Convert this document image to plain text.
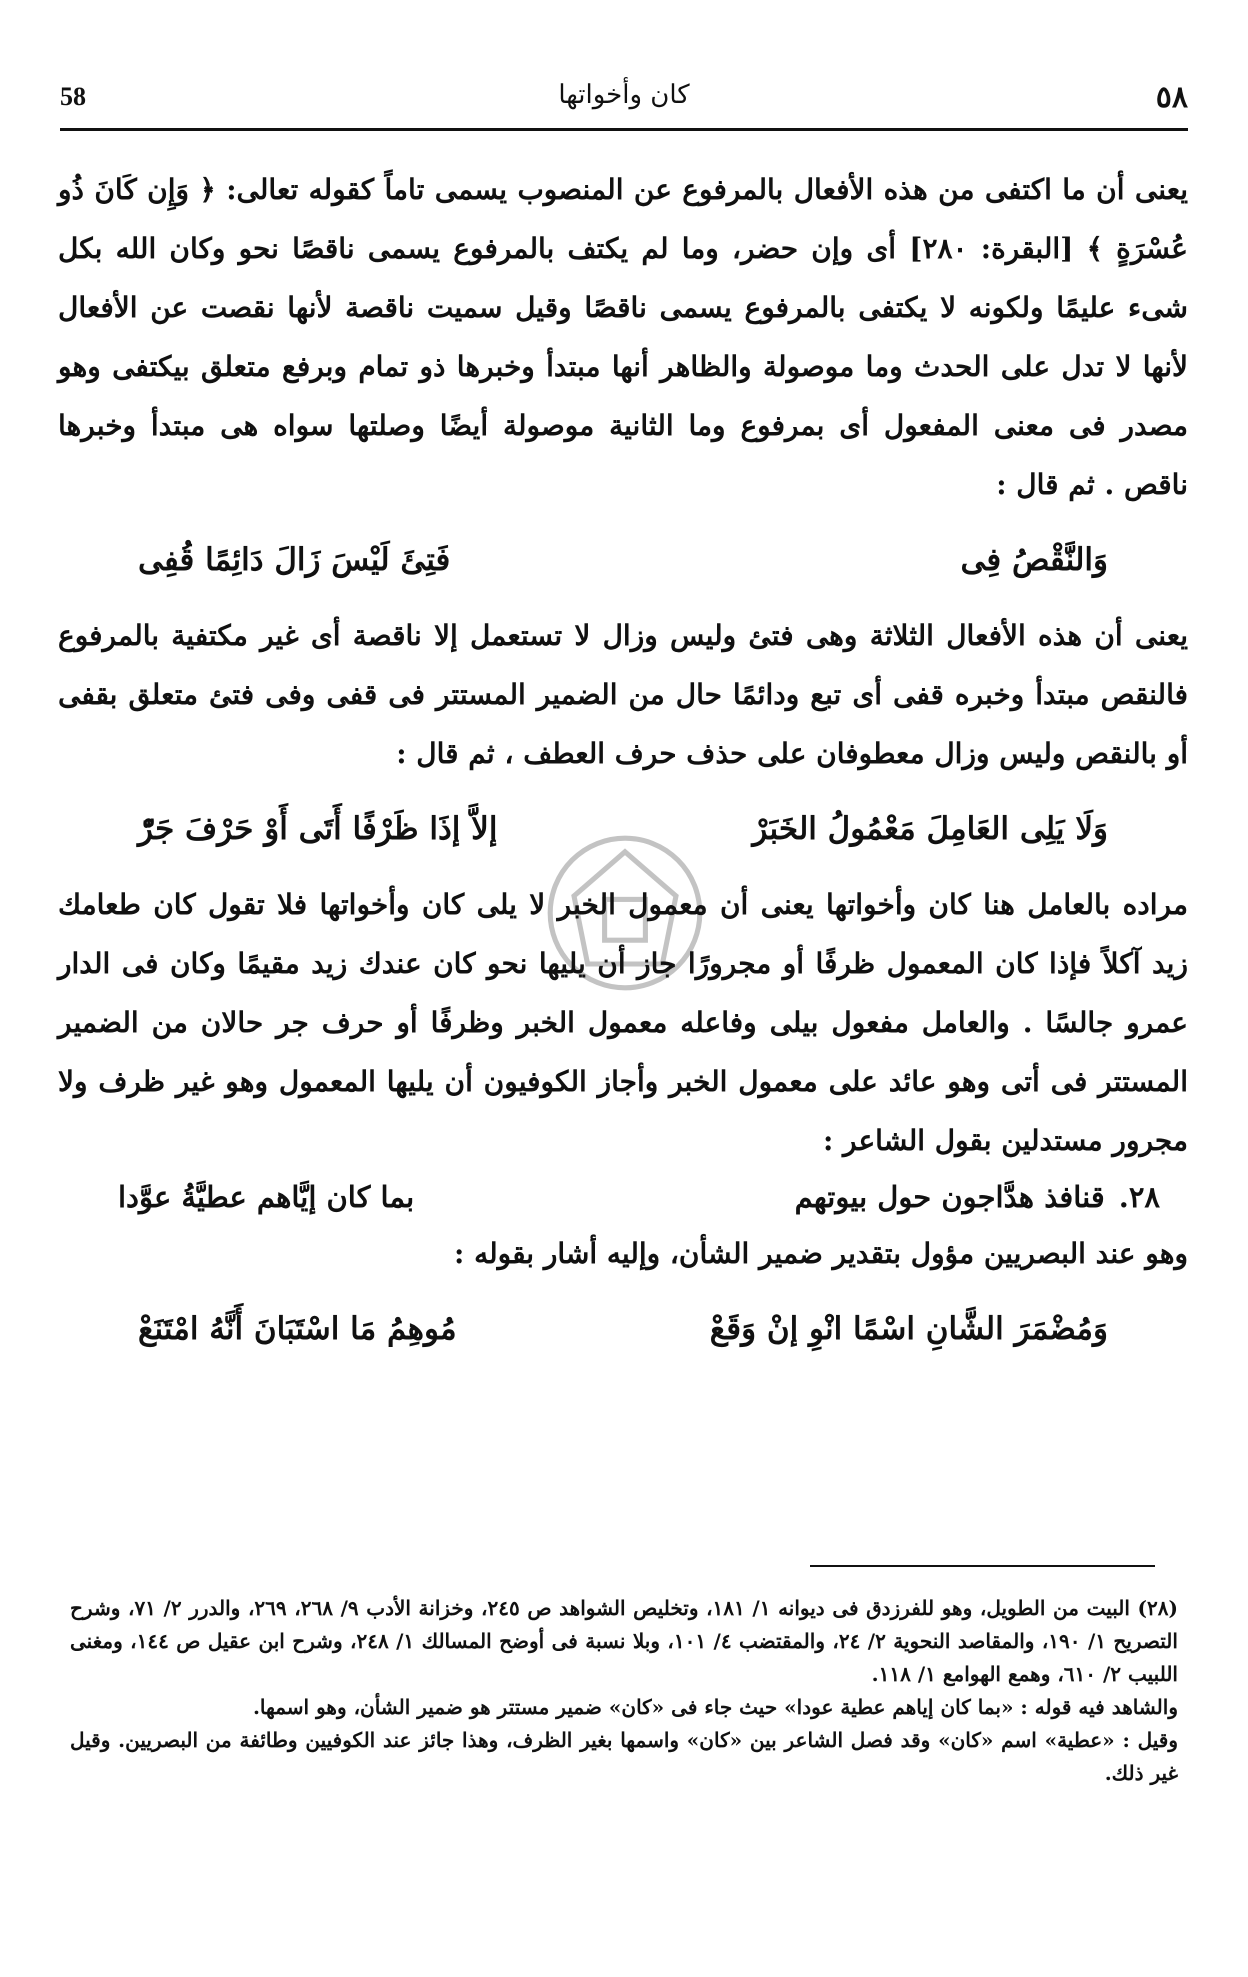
58	كان وأخواتها	٥٨

يعنى أن ما اكتفى من هذه الأفعال بالمرفوع عن المنصوب يسمى تاماً كقوله تعالى: ﴿ وَإِن كَانَ ذُو عُسْرَةٍ ﴾ [البقرة: ٢٨٠] أى وإن حضر، وما لم يكتف بالمرفوع يسمى ناقصًا نحو وكان الله بكل شىء عليمًا ولكونه لا يكتفى بالمرفوع يسمى ناقصًا وقيل سميت ناقصة لأنها نقصت عن الأفعال لأنها لا تدل على الحدث وما موصولة والظاهر أنها مبتدأ وخبرها ذو تمام وبرفع متعلق بيكتفى وهو مصدر فى معنى المفعول أى بمرفوع وما الثانية موصولة أيضًا وصلتها سواه هى مبتدأ وخبرها ناقص . ثم قال :

وَالنَّقْصُ فِى
فَتِئَ لَيْسَ زَالَ دَائِمًا قُفِى

يعنى أن هذه الأفعال الثلاثة وهى فتئ وليس وزال لا تستعمل إلا ناقصة أى غير مكتفية بالمرفوع فالنقص مبتدأ وخبره قفى أى تبع ودائمًا حال من الضمير المستتر فى قفى وفى فتئ متعلق بقفى أو بالنقص وليس وزال معطوفان على حذف حرف العطف ، ثم قال :

وَلَا يَلِى العَامِلَ مَعْمُولُ الخَبَرْ
إلاَّ إذَا ظَرْفًا أَتَى أَوْ حَرْفَ جَرّْ

مراده بالعامل هنا كان وأخواتها يعنى أن معمول الخبر لا يلى كان وأخواتها فلا تقول كان طعامك زيد آكلاً فإذا كان المعمول ظرفًا أو مجرورًا جاز أن يليها نحو كان عندك زيد مقيمًا وكان فى الدار عمرو جالسًا . والعامل مفعول بيلى وفاعله معمول الخبر وظرفًا أو حرف جر حالان من الضمير المستتر فى أتى وهو عائد على معمول الخبر وأجاز الكوفيون أن يليها المعمول وهو غير ظرف ولا مجرور مستدلين بقول الشاعر :

٢٨.قنافذ هدَّاجون حول بيوتهم
بما كان إيَّاهم عطيَّةُ عوَّدا

وهو عند البصريين مؤول بتقدير ضمير الشأن، وإليه أشار بقوله :

وَمُضْمَرَ الشَّانِ اسْمًا انْوِ إنْ وَقَعْ
مُوهِمُ مَا اسْتَبَانَ أَنَّهُ امْتَنَعْ

(٢٨) البيت من الطويل، وهو للفرزدق فى ديوانه ١/ ١٨١، وتخليص الشواهد ص ٢٤٥، وخزانة الأدب ٩/ ٢٦٨، ٢٦٩، والدرر ٢/ ٧١، وشرح التصريح ١/ ١٩٠، والمقاصد النحوية ٢/ ٢٤، والمقتضب ٤/ ١٠١، وبلا نسبة فى أوضح المسالك ١/ ٢٤٨، وشرح ابن عقيل ص ١٤٤، ومغنى اللبيب ٢/ ٦١٠، وهمع الهوامع ١/ ١١٨.

والشاهد فيه قوله : «بما كان إياهم عطية عودا» حيث جاء فى «كان» ضمير مستتر هو ضمير الشأن، وهو اسمها.

وقيل : «عطية» اسم «كان» وقد فصل الشاعر بين «كان» واسمها بغير الظرف، وهذا جائز عند الكوفيين وطائفة من البصريين. وقيل غير ذلك.
